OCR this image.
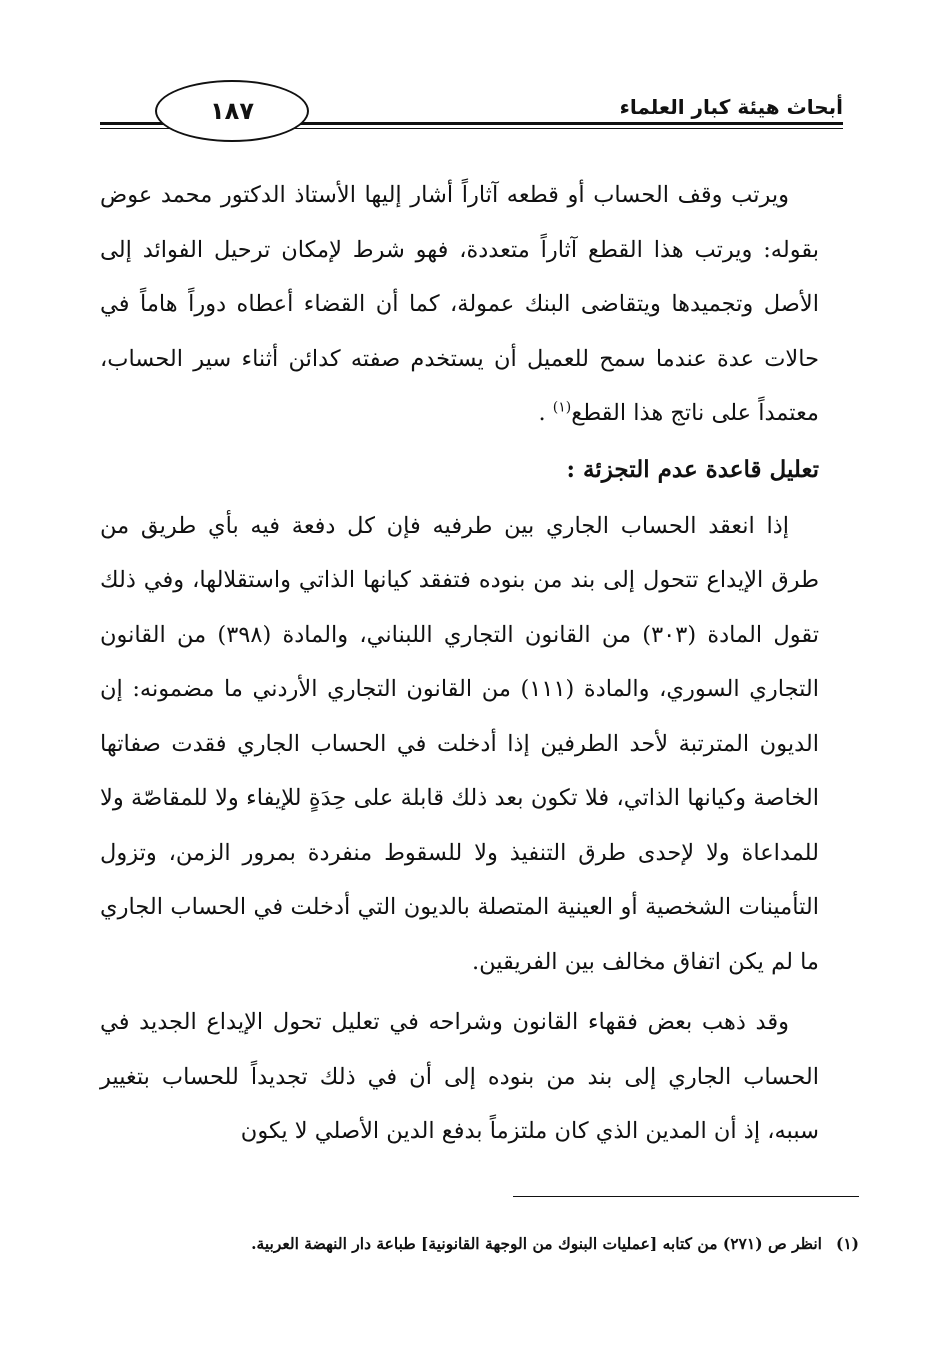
أبحاث هيئة كبار العلماء
١٨٧

ويرتب وقف الحساب أو قطعه آثاراً أشار إليها الأستاذ الدكتور محمد عوض بقوله: ويرتب هذا القطع آثاراً متعددة، فهو شرط لإمكان ترحيل الفوائد إلى الأصل وتجميدها ويتقاضى البنك عمولة، كما أن القضاء أعطاه دوراً هاماً في حالات عدة عندما سمح للعميل أن يستخدم صفته كدائن أثناء سير الحساب، معتمداً على ناتج هذا القطع$^{(١)}$ .

تعليل قاعدة عدم التجزئة :

إذا انعقد الحساب الجاري بين طرفيه فإن كل دفعة فيه بأي طريق من طرق الإيداع تتحول إلى بند من بنوده فتفقد كيانها الذاتي واستقلالها، وفي ذلك تقول المادة (٣٠٣) من القانون التجاري اللبناني، والمادة (٣٩٨) من القانون التجاري السوري، والمادة (١١١) من القانون التجاري الأردني ما مضمونه: إن الديون المترتبة لأحد الطرفين إذا أدخلت في الحساب الجاري فقدت صفاتها الخاصة وكيانها الذاتي، فلا تكون بعد ذلك قابلة على حِدَةٍ للإيفاء ولا للمقاصّة ولا للمداعاة ولا لإحدى طرق التنفيذ ولا للسقوط منفردة بمرور الزمن، وتزول التأمينات الشخصية أو العينية المتصلة بالديون التي أدخلت في الحساب الجاري ما لم يكن اتفاق مخالف بين الفريقين.

وقد ذهب بعض فقهاء القانون وشراحه في تعليل تحول الإيداع الجديد في الحساب الجاري إلى بند من بنوده إلى أن في ذلك تجديداً للحساب بتغيير سببه، إذ أن المدين الذي كان ملتزماً بدفع الدين الأصلي لا يكون

(١)انظر ص (٢٧١) من كتابه [عمليات البنوك من الوجهة القانونية] طباعة دار النهضة العربية.
